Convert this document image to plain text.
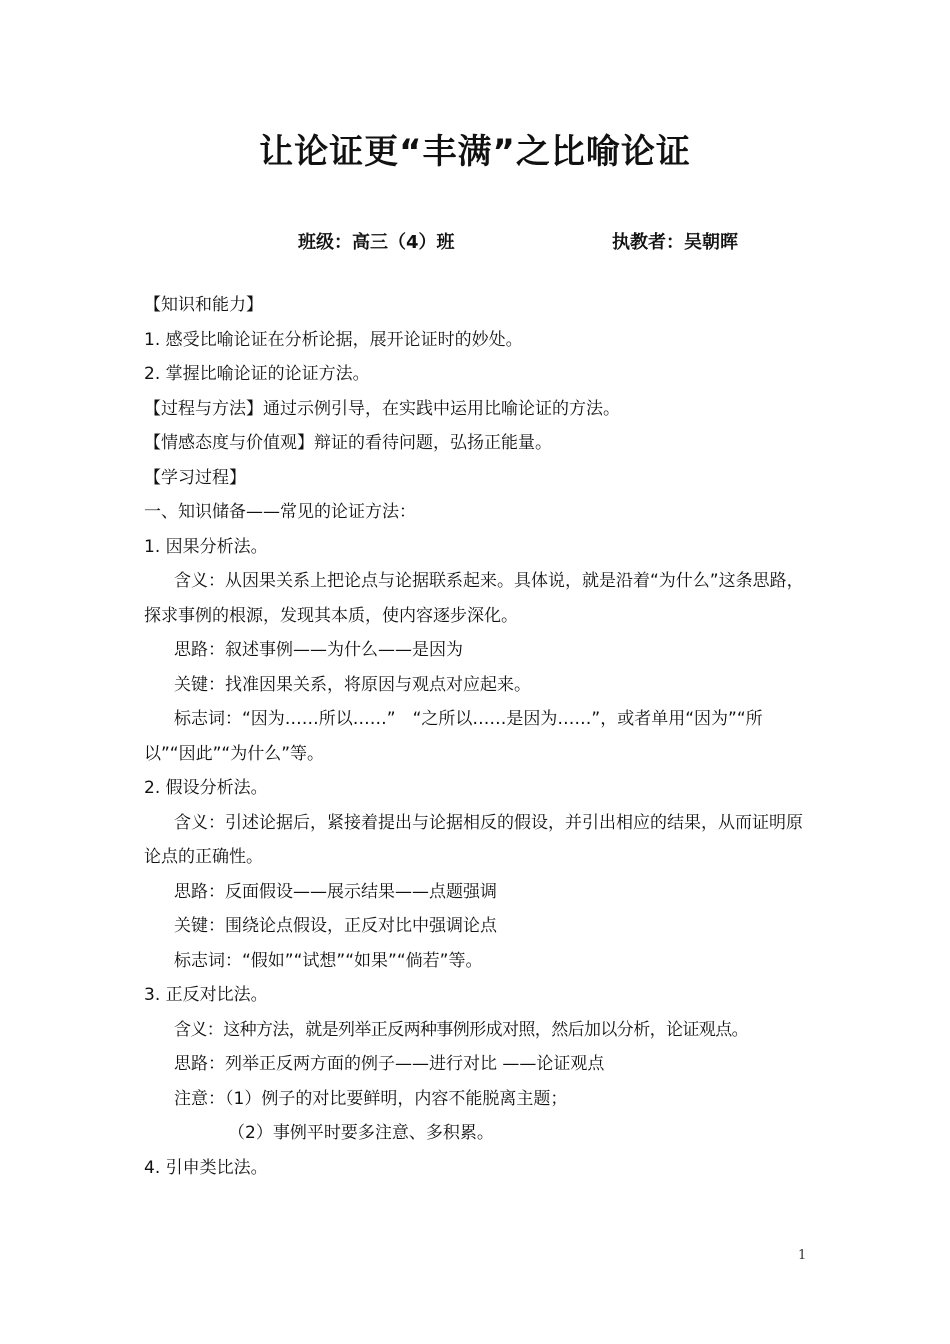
让论证更“丰满”之比喻论证
班级：高三（4）班	执教者：吴朝晖
【知识和能力】
1. 感受比喻论证在分析论据，展开论证时的妙处。
2. 掌握比喻论证的论证方法。
【过程与方法】通过示例引导，在实践中运用比喻论证的方法。
【情感态度与价值观】辩证的看待问题，弘扬正能量。
【学习过程】
一、知识储备——常见的论证方法：
1. 因果分析法。
含义：从因果关系上把论点与论据联系起来。具体说，就是沿着“为什么”这条思路，探求事例的根源，发现其本质，使内容逐步深化。
思路：叙述事例——为什么——是因为
关键：找准因果关系，将原因与观点对应起来。
标志词：“因为……所以……”　“之所以……是因为……”，或者单用“因为”“所以”“因此”“为什么”等。
2. 假设分析法。
含义：引述论据后，紧接着提出与论据相反的假设，并引出相应的结果，从而证明原论点的正确性。
思路：反面假设——展示结果——点题强调
关键：围绕论点假设，正反对比中强调论点
标志词：“假如”“试想”“如果”“倘若”等。
3. 正反对比法。
含义：这种方法，就是列举正反两种事例形成对照，然后加以分析，论证观点。
思路：列举正反两方面的例子——进行对比 ——论证观点
注意：（1）例子的对比要鲜明，内容不能脱离主题；
（2）事例平时要多注意、多积累。
4. 引申类比法。
1
